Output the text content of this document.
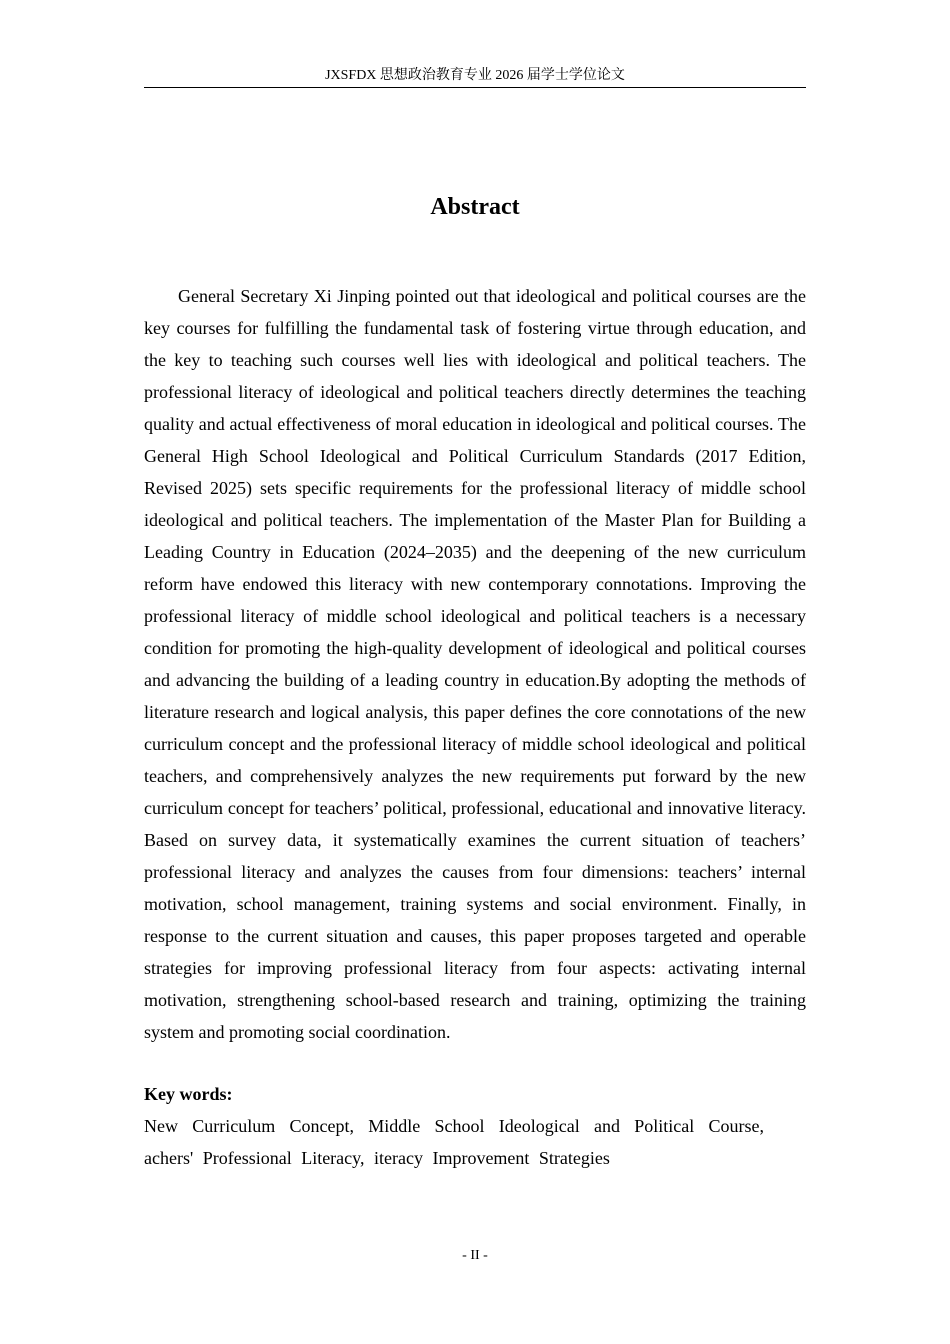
JXSFDX 思想政治教育专业 2026 届学士学位论文
Abstract

General Secretary Xi Jinping pointed out that ideological and political courses are the key courses for fulfilling the fundamental task of fostering virtue through education, and the key to teaching such courses well lies with ideological and political teachers. The professional literacy of ideological and political teachers directly determines the teaching quality and actual effectiveness of moral education in ideological and political courses. The General High School Ideological and Political Curriculum Standards (2017 Edition, Revised 2025) sets specific requirements for the professional literacy of middle school ideological and political teachers. The implementation of the Master Plan for Building a Leading Country in Education (2024–2035) and the deepening of the new curriculum reform have endowed this literacy with new contemporary connotations. Improving the professional literacy of middle school ideological and political teachers is a necessary condition for promoting the high-quality development of ideological and political courses and advancing the building of a leading country in education.By adopting the methods of literature research and logical analysis, this paper defines the core connotations of the new curriculum concept and the professional literacy of middle school ideological and political teachers, and comprehensively analyzes the new requirements put forward by the new curriculum concept for teachers’ political, professional, educational and innovative literacy. Based on survey data, it systematically examines the current situation of teachers’ professional literacy and analyzes the causes from four dimensions: teachers’ internal motivation, school management, training systems and social environment. Finally, in response to the current situation and causes, this paper proposes targeted and operable strategies for improving professional literacy from four aspects: activating internal motivation, strengthening school-based research and training, optimizing the training system and promoting social coordination.

Key words:

New Curriculum Concept, Middle School Ideological and Political Course, achers' Professional Literacy, iteracy Improvement Strategies

- II -
